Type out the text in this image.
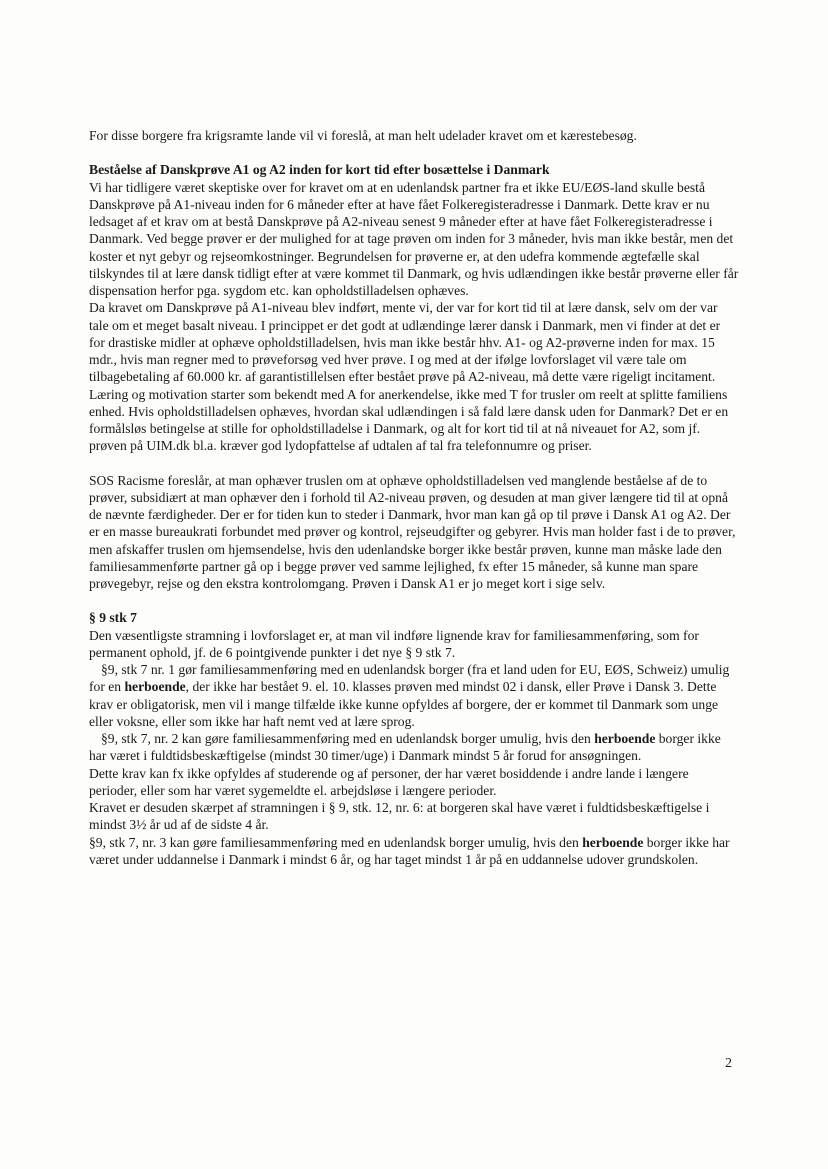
For disse borgere fra krigsramte lande vil vi foreslå, at man helt udelader kravet om et kærestebesøg.

Beståelse af Danskprøve A1 og A2 inden for kort tid efter bosættelse i Danmark

Vi har tidligere været skeptiske over for kravet om at en udenlandsk partner fra et ikke EU/EØS-land skulle bestå Danskprøve på A1-niveau inden for 6 måneder efter at have fået Folkeregisteradresse i Danmark. Dette krav er nu ledsaget af et krav om at bestå Danskprøve på A2-niveau senest 9 måneder efter at have fået Folkeregisteradresse i Danmark. Ved begge prøver er der mulighed for at tage prøven om inden for 3 måneder, hvis man ikke består, men det koster et nyt gebyr og rejseomkostninger. Begrundelsen for prøverne er, at den udefra kommende ægtefælle skal tilskyndes til at lære dansk tidligt efter at være kommet til Danmark, og hvis udlændingen ikke består prøverne eller får dispensation herfor pga. sygdom etc. kan opholdstilladelsen ophæves.

Da kravet om Danskprøve på A1-niveau blev indført, mente vi, der var for kort tid til at lære dansk, selv om der var tale om et meget basalt niveau. I princippet er det godt at udlændinge lærer dansk i Danmark, men vi finder at det er for drastiske midler at ophæve opholdstilladelsen, hvis man ikke består hhv. A1- og A2-prøverne inden for max. 15 mdr., hvis man regner med to prøveforsøg ved hver prøve. I og med at der ifølge lovforslaget vil være tale om tilbagebetaling af 60.000 kr. af garantistillelsen efter bestået prøve på A2-niveau, må dette være rigeligt incitament. Læring og motivation starter som bekendt med A for anerkendelse, ikke med T for trusler om reelt at splitte familiens enhed. Hvis opholdstilladelsen ophæves, hvordan skal udlændingen i så fald lære dansk uden for Danmark? Det er en formålsløs betingelse at stille for opholdstilladelse i Danmark, og alt for kort tid til at nå niveauet for A2, som jf. prøven på UIM.dk bl.a. kræver god lydopfattelse af udtalen af tal fra telefonnumre og priser.

SOS Racisme foreslår, at man ophæver truslen om at ophæve opholdstilladelsen ved manglende beståelse af de to prøver, subsidiært at man ophæver den i forhold til A2-niveau prøven, og desuden at man giver længere tid til at opnå de nævnte færdigheder. Der er for tiden kun to steder i Danmark, hvor man kan gå op til prøve i Dansk A1 og A2. Der er en masse bureaukrati forbundet med prøver og kontrol, rejseudgifter og gebyrer. Hvis man holder fast i de to prøver, men afskaffer truslen om hjemsendelse, hvis den udenlandske borger ikke består prøven, kunne man måske lade den familiesammenførte partner gå op i begge prøver ved samme lejlighed, fx efter 15 måneder, så kunne man spare prøvegebyr, rejse og den ekstra kontrolomgang. Prøven i Dansk A1 er jo meget kort i sige selv.

§ 9 stk 7

Den væsentligste stramning i lovforslaget er, at man vil indføre lignende krav for familiesammenføring, som for permanent ophold, jf. de 6 pointgivende punkter i det nye § 9 stk 7.

§9, stk 7 nr. 1 gør familiesammenføring med en udenlandsk borger (fra et land uden for EU, EØS, Schweiz) umulig for en herboende, der ikke har bestået 9. el. 10. klasses prøven med mindst 02 i dansk, eller Prøve i Dansk 3. Dette krav er obligatorisk, men vil i mange tilfælde ikke kunne opfyldes af borgere, der er kommet til Danmark som unge eller voksne, eller som ikke har haft nemt ved at lære sprog.

§9, stk 7, nr. 2 kan gøre familiesammenføring med en udenlandsk borger umulig, hvis den herboende borger ikke har været i fuldtidsbeskæftigelse (mindst 30 timer/uge) i Danmark mindst 5 år forud for ansøgningen.

Dette krav kan fx ikke opfyldes af studerende og af personer, der har været bosiddende i andre lande i længere perioder, eller som har været sygemeldte el. arbejdsløse i længere perioder.

Kravet er desuden skærpet af stramningen i § 9, stk. 12, nr. 6: at borgeren skal have været i fuldtidsbeskæftigelse i mindst 3½ år ud af de sidste 4 år.

§9, stk 7, nr. 3 kan gøre familiesammenføring med en udenlandsk borger umulig, hvis den herboende borger ikke har været under uddannelse i Danmark i mindst 6 år, og har taget mindst 1 år på en uddannelse udover grundskolen.

2
